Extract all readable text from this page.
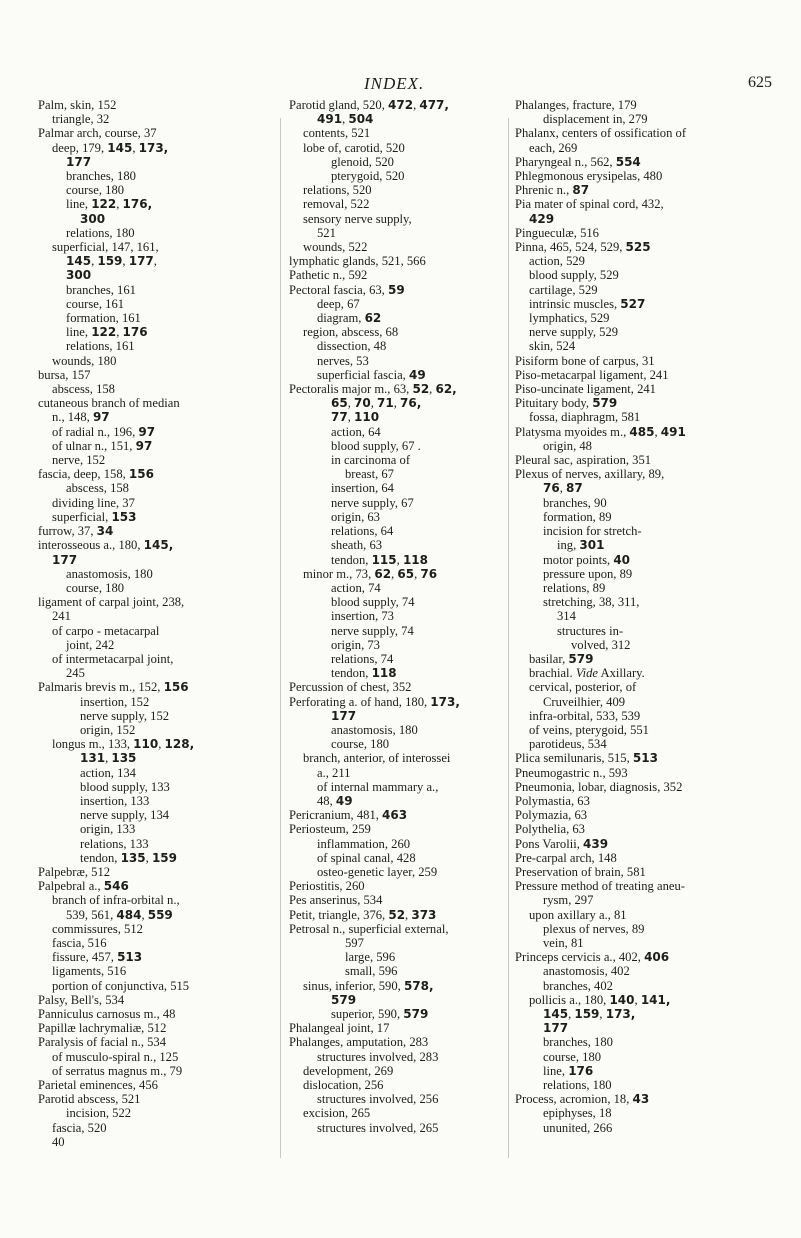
INDEX.	625
Palm, skin, 152
triangle, 32
Palmar arch, course, 37
deep, 179, 145, 173,
177
branches, 180
course, 180
line, 122, 176,
300
relations, 180
superficial, 147, 161,
145, 159, 177,
300
branches, 161
course, 161
formation, 161
line, 122, 176
relations, 161
wounds, 180
bursa, 157
abscess, 158
cutaneous branch of median
n., 148, 97
of radial n., 196, 97
of ulnar n., 151, 97
nerve, 152
fascia, deep, 158, 156
abscess, 158
dividing line, 37
superficial, 153
furrow, 37, 34
interosseous a., 180, 145,
177
anastomosis, 180
course, 180
ligament of carpal joint, 238,
241
of carpo - metacarpal
joint, 242
of intermetacarpal joint,
245
Palmaris brevis m., 152, 156
insertion, 152
nerve supply, 152
origin, 152
longus m., 133, 110, 128,
131, 135
action, 134
blood supply, 133
insertion, 133
nerve supply, 134
origin, 133
relations, 133
tendon, 135, 159
Palpebræ, 512
Palpebral a., 546
branch of infra-orbital n.,
539, 561, 484, 559
commissures, 512
fascia, 516
fissure, 457, 513
ligaments, 516
portion of conjunctiva, 515
Palsy, Bell's, 534
Panniculus carnosus m., 48
Papillæ lachrymaliæ, 512
Paralysis of facial n., 534
of musculo-spiral n., 125
of serratus magnus m., 79
Parietal eminences, 456
Parotid abscess, 521
incision, 522
fascia, 520
40
Parotid gland, 520, 472, 477,
491, 504
contents, 521
lobe of, carotid, 520
glenoid, 520
pterygoid, 520
relations, 520
removal, 522
sensory nerve supply,
521
wounds, 522
lymphatic glands, 521, 566
Pathetic n., 592
Pectoral fascia, 63, 59
deep, 67
diagram, 62
region, abscess, 68
dissection, 48
nerves, 53
superficial fascia, 49
Pectoralis major m., 63, 52, 62,
65, 70, 71, 76,
77, 110
action, 64
blood supply, 67 .
in carcinoma of
breast, 67
insertion, 64
nerve supply, 67
origin, 63
relations, 64
sheath, 63
tendon, 115, 118
minor m., 73, 62, 65, 76
action, 74
blood supply, 74
insertion, 73
nerve supply, 74
origin, 73
relations, 74
tendon, 118
Percussion of chest, 352
Perforating a. of hand, 180, 173,
177
anastomosis, 180
course, 180
branch, anterior, of interossei
a., 211
of internal mammary a.,
48, 49
Pericranium, 481, 463
Periosteum, 259
inflammation, 260
of spinal canal, 428
osteo-genetic layer, 259
Periostitis, 260
Pes anserinus, 534
Petit, triangle, 376, 52, 373
Petrosal n., superficial external,
597
large, 596
small, 596
sinus, inferior, 590, 578,
579
superior, 590, 579
Phalangeal joint, 17
Phalanges, amputation, 283
structures involved, 283
development, 269
dislocation, 256
structures involved, 256
excision, 265
structures involved, 265
Phalanges, fracture, 179
displacement in, 279
Phalanx, centers of ossification of
each, 269
Pharyngeal n., 562, 554
Phlegmonous erysipelas, 480
Phrenic n., 87
Pia mater of spinal cord, 432,
429
Pingueculæ, 516
Pinna, 465, 524, 529, 525
action, 529
blood supply, 529
cartilage, 529
intrinsic muscles, 527
lymphatics, 529
nerve supply, 529
skin, 524
Pisiform bone of carpus, 31
Piso-metacarpal ligament, 241
Piso-uncinate ligament, 241
Pituitary body, 579
fossa, diaphragm, 581
Platysma myoides m., 485, 491
origin, 48
Pleural sac, aspiration, 351
Plexus of nerves, axillary, 89,
76, 87
branches, 90
formation, 89
incision for stretch-
ing, 301
motor points, 40
pressure upon, 89
relations, 89
stretching, 38, 311,
314
structures in-
volved, 312
basilar, 579
brachial. Vide Axillary.
cervical, posterior, of
Cruveilhier, 409
infra-orbital, 533, 539
of veins, pterygoid, 551
parotideus, 534
Plica semilunaris, 515, 513
Pneumogastric n., 593
Pneumonia, lobar, diagnosis, 352
Polymastia, 63
Polymazia, 63
Polythelia, 63
Pons Varolii, 439
Pre-carpal arch, 148
Preservation of brain, 581
Pressure method of treating aneu-
rysm, 297
upon axillary a., 81
plexus of nerves, 89
vein, 81
Princeps cervicis a., 402, 406
anastomosis, 402
branches, 402
pollicis a., 180, 140, 141,
145, 159, 173,
177
branches, 180
course, 180
line, 176
relations, 180
Process, acromion, 18, 43
epiphyses, 18
ununited, 266
